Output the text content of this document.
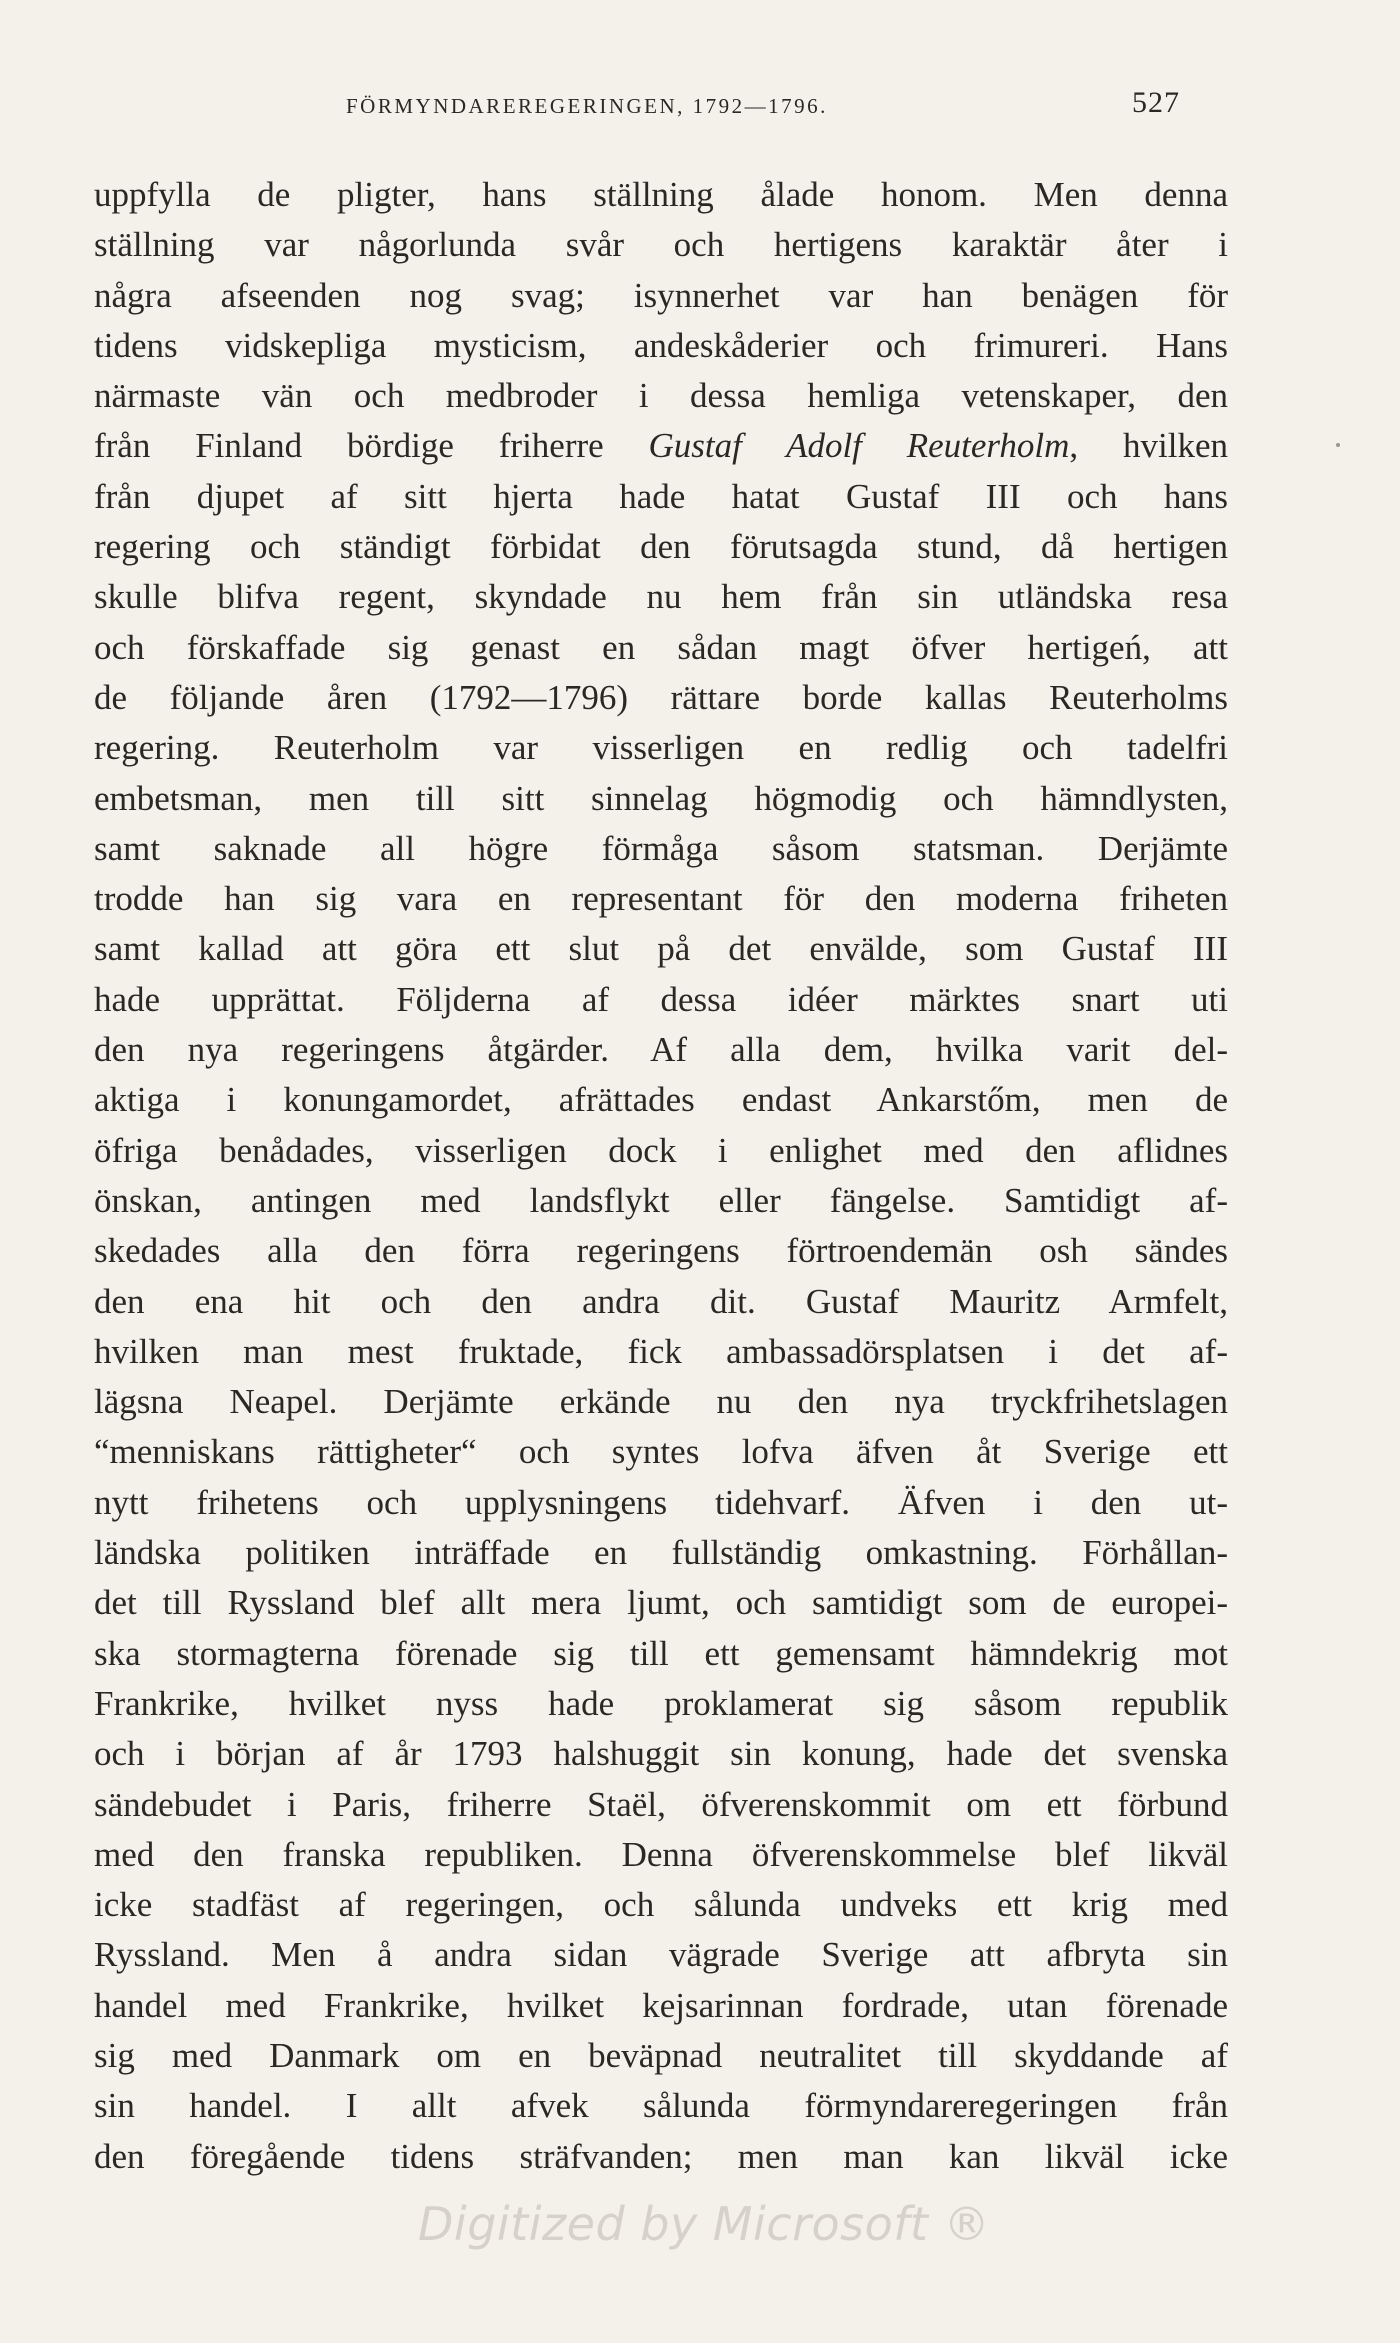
FÖRMYNDAREREGERINGEN, 1792—1796.	527
uppfylla de pligter, hans ställning ålade honom. Men denna
ställning var någorlunda svår och hertigens karaktär åter i
några afseenden nog svag; isynnerhet var han benägen för
tidens vidskepliga mysticism, andeskåderier och frimureri. Hans
närmaste vän och medbroder i dessa hemliga vetenskaper, den
från Finland bördige friherre Gustaf Adolf Reuterholm, hvilken
från djupet af sitt hjerta hade hatat Gustaf III och hans
regering och ständigt förbidat den förutsagda stund, då hertigen
skulle blifva regent, skyndade nu hem från sin utländska resa
och förskaffade sig genast en sådan magt öfver hertigeń, att
de följande åren (1792—1796) rättare borde kallas Reuterholms
regering. Reuterholm var visserligen en redlig och tadelfri
embetsman, men till sitt sinnelag högmodig och hämndlysten,
samt saknade all högre förmåga såsom statsman. Derjämte
trodde han sig vara en representant för den moderna friheten
samt kallad att göra ett slut på det envälde, som Gustaf III
hade upprättat. Följderna af dessa idéer märktes snart uti
den nya regeringens åtgärder. Af alla dem, hvilka varit del-
aktiga i konungamordet, afrättades endast Ankarstőm, men de
öfriga benådades, visserligen dock i enlighet med den aflidnes
önskan, antingen med landsflykt eller fängelse. Samtidigt af-
skedades alla den förra regeringens förtroendemän osh sändes
den ena hit och den andra dit. Gustaf Mauritz Armfelt,
hvilken man mest fruktade, fick ambassadörsplatsen i det af-
lägsna Neapel. Derjämte erkände nu den nya tryckfrihetslagen
“menniskans rättigheter“ och syntes lofva äfven åt Sverige ett
nytt frihetens och upplysningens tidehvarf. Äfven i den ut-
ländska politiken inträffade en fullständig omkastning. Förhållan-
det till Ryssland blef allt mera ljumt, och samtidigt som de europei-
ska stormagterna förenade sig till ett gemensamt hämndekrig mot
Frankrike, hvilket nyss hade proklamerat sig såsom republik
och i början af år 1793 halshuggit sin konung, hade det svenska
sändebudet i Paris, friherre Staël, öfverenskommit om ett förbund
med den franska republiken. Denna öfverenskommelse blef likväl
icke stadfäst af regeringen, och sålunda undveks ett krig med
Ryssland. Men å andra sidan vägrade Sverige att afbryta sin
handel med Frankrike, hvilket kejsarinnan fordrade, utan förenade
sig med Danmark om en beväpnad neutralitet till skyddande af
sin handel. I allt afvek sålunda förmyndareregeringen från
den föregående tidens sträfvanden; men man kan likväl icke
Digitized by Microsoft ®
